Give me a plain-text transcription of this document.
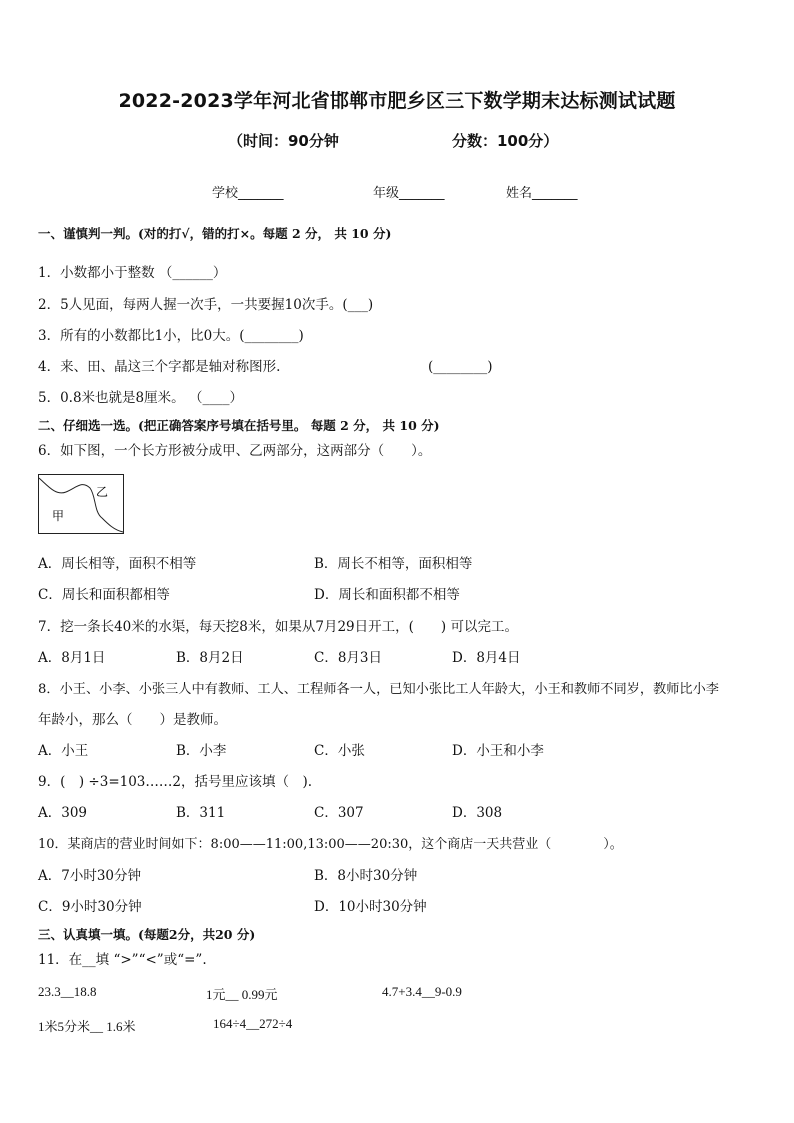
2022-2023学年河北省邯郸市肥乡区三下数学期末达标测试试题
（时间：90分钟	分数：100分）
学校_______	年级_______	姓名_______
一、谨慎判一判。(对的打√，错的打×。每题 2 分， 共 10 分)
1．小数都小于整数 （______）
2．5人见面，每两人握一次手，一共要握10次手。(___)
3．所有的小数都比1小，比0大。(________)
4．来、田、晶这三个字都是轴对称图形.	(________)
5．0.8米也就是8厘米。 （____）
二、仔细选一选。(把正确答案序号填在括号里。 每题 2 分， 共 10 分)
6．如下图，一个长方形被分成甲、乙两部分，这两部分（　　）。
甲
乙
A．周长相等，面积不相等	B．周长不相等，面积相等
C．周长和面积都相等	D．周长和面积都不相等
7．挖一条长40米的水渠，每天挖8米，如果从7月29日开工，(　　) 可以完工。
A．8月1日	B．8月2日	C．8月3日	D．8月4日
8．小王、小李、小张三人中有教师、工人、工程师各一人，已知小张比工人年龄大，小王和教师不同岁，教师比小李
年龄小，那么（　　）是教师。
A．小王	B．小李	C．小张	D．小王和小李
9．(　) ÷3=103……2，括号里应该填（　).
A．309	B．311	C．307	D．308
10．某商店的营业时间如下：8:00——11:00,13:00——20:30，这个商店一天共营业（　　　　）。
A．7小时30分钟	B．8小时30分钟
C．9小时30分钟	D．10小时30分钟
三、认真填一填。(每题2分，共20 分)
11．在__填 “>”“<”或“=”.
23.3__18.8	1元__ 0.99元	4.7+3.4__9-0.9
1米5分米__ 1.6米	164÷4__272÷4
